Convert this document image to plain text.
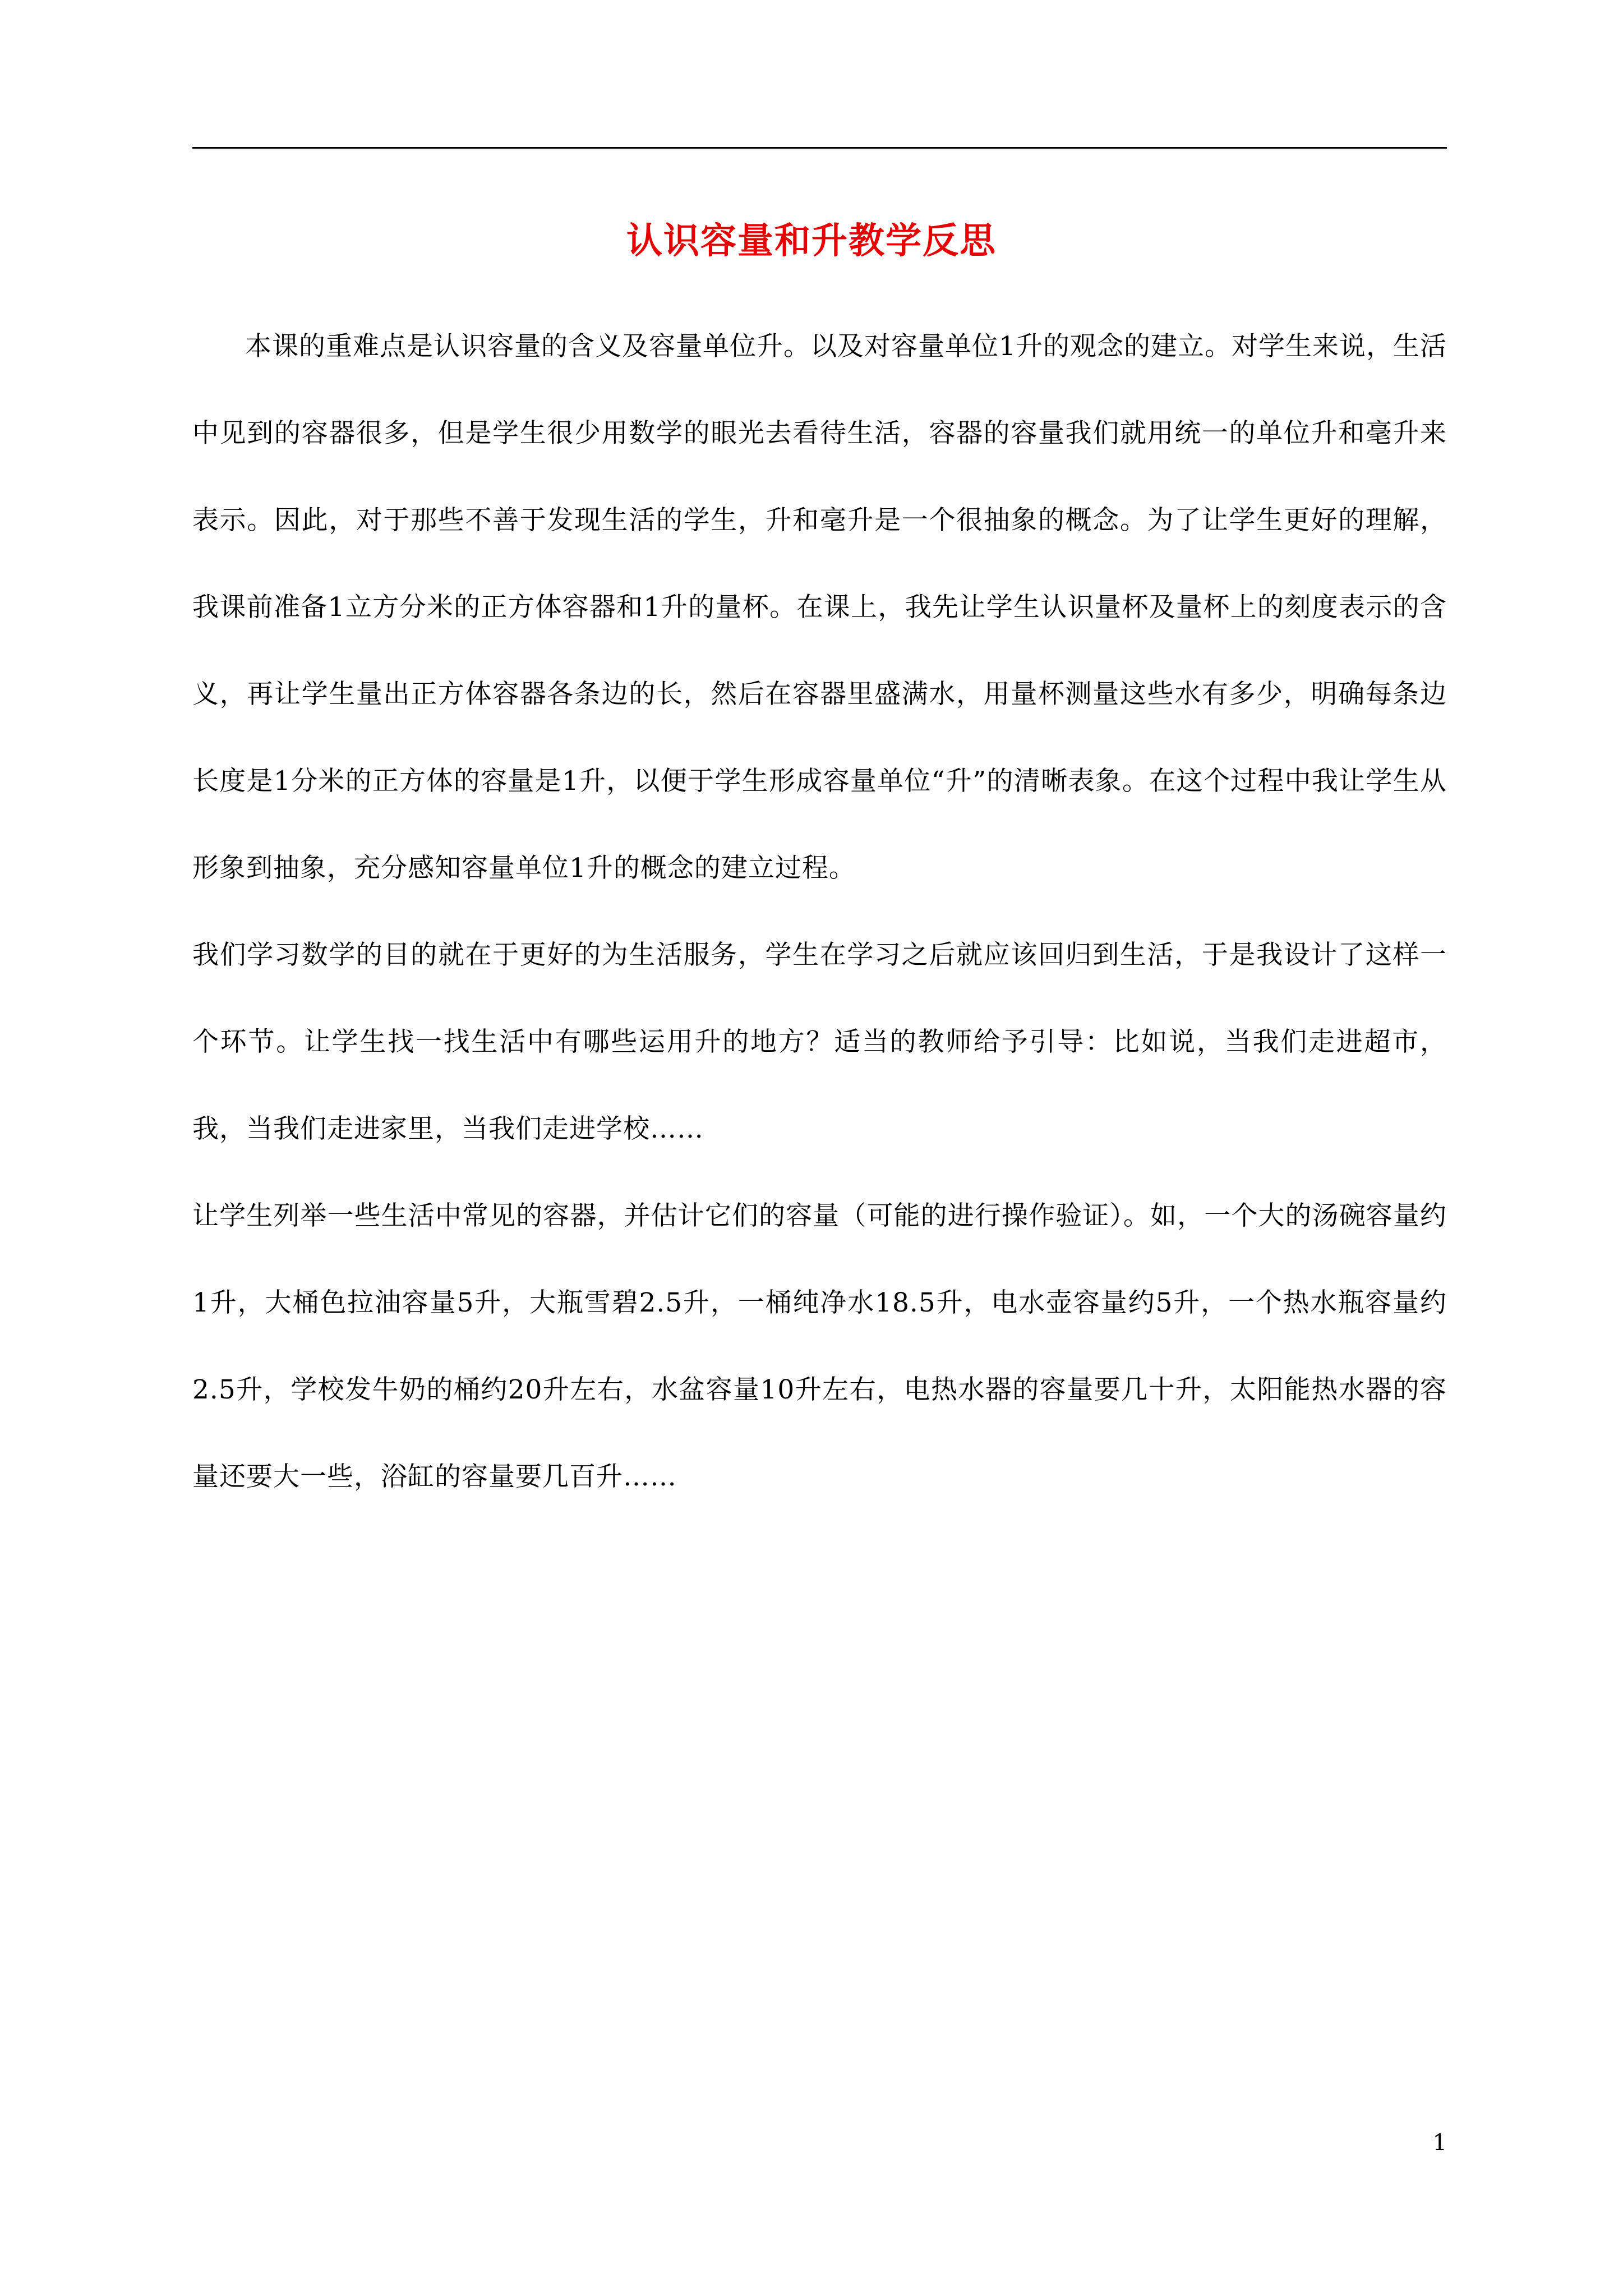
认识容量和升教学反思

本课的重难点是认识容量的含义及容量单位升。以及对容量单位1升的观念的建立。对学生来说，生活中见到的容器很多，但是学生很少用数学的眼光去看待生活，容器的容量我们就用统一的单位升和毫升来表示。因此，对于那些不善于发现生活的学生，升和毫升是一个很抽象的概念。为了让学生更好的理解，我课前准备1立方分米的正方体容器和1升的量杯。在课上，我先让学生认识量杯及量杯上的刻度表示的含义，再让学生量出正方体容器各条边的长，然后在容器里盛满水，用量杯测量这些水有多少，明确每条边长度是1分米的正方体的容量是1升，以便于学生形成容量单位“升”的清晰表象。在这个过程中我让学生从形象到抽象，充分感知容量单位1升的概念的建立过程。

我们学习数学的目的就在于更好的为生活服务，学生在学习之后就应该回归到生活，于是我设计了这样一个环节。让学生找一找生活中有哪些运用升的地方？适当的教师给予引导：比如说，当我们走进超市，我，当我们走进家里，当我们走进学校……

让学生列举一些生活中常见的容器，并估计它们的容量（可能的进行操作验证）。如，一个大的汤碗容量约1升，大桶色拉油容量5升，大瓶雪碧2.5升，一桶纯净水18.5升，电水壶容量约5升，一个热水瓶容量约2.5升，学校发牛奶的桶约20升左右，水盆容量10升左右，电热水器的容量要几十升，太阳能热水器的容量还要大一些，浴缸的容量要几百升……

1
